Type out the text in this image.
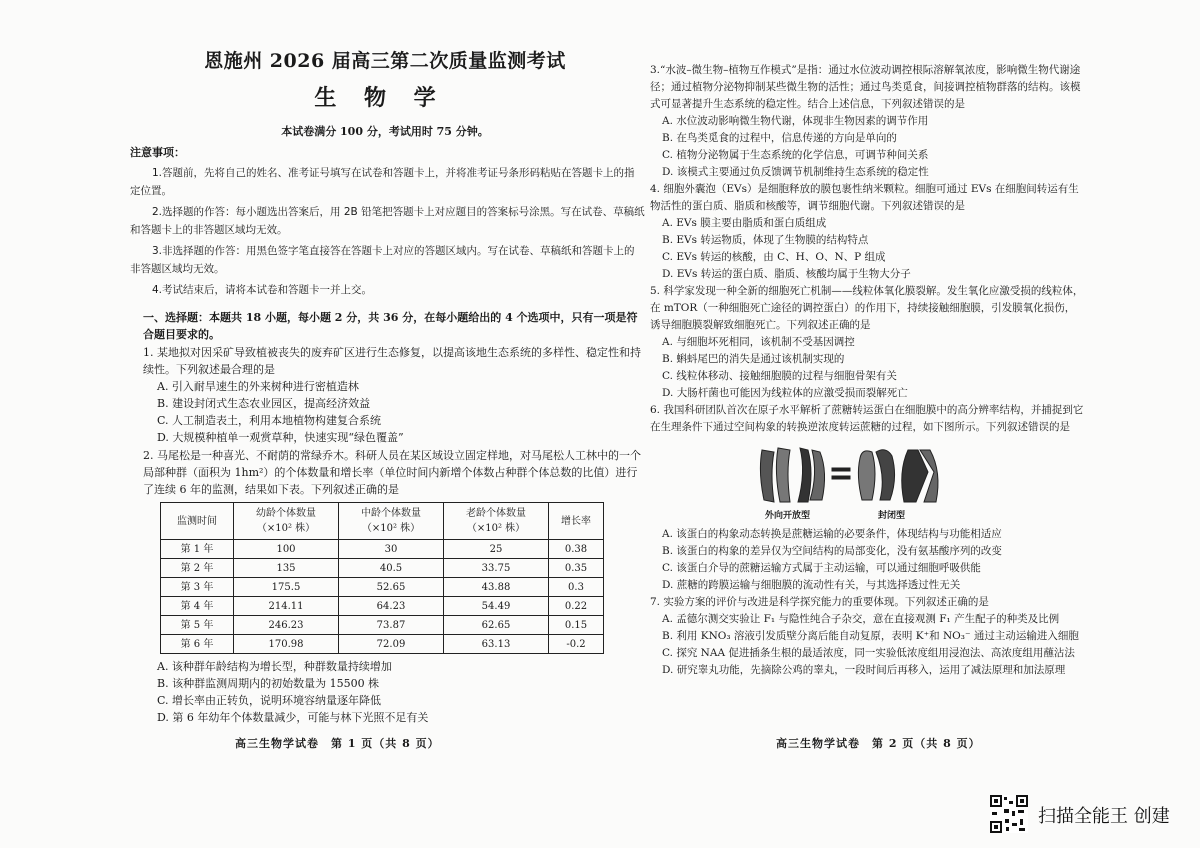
恩施州 2026 届高三第二次质量监测考试
生 物 学
本试卷满分 100 分，考试用时 75 分钟。
注意事项：

1.答题前，先将自己的姓名、准考证号填写在试卷和答题卡上，并将准考证号条形码粘贴在答题卡上的指定位置。

2.选择题的作答：每小题选出答案后，用 2B 铅笔把答题卡上对应题目的答案标号涂黑。写在试卷、草稿纸和答题卡上的非答题区域均无效。

3.非选择题的作答：用黑色签字笔直接答在答题卡上对应的答题区域内。写在试卷、草稿纸和答题卡上的非答题区域均无效。

4.考试结束后，请将本试卷和答题卡一并上交。

一、选择题：本题共 18 小题，每小题 2 分，共 36 分，在每小题给出的 4 个选项中，只有一项是符合题目要求的。
1. 某地拟对因采矿导致植被丧失的废弃矿区进行生态修复，以提高该地生态系统的多样性、稳定性和持续性。下列叙述最合理的是
A. 引入耐旱速生的外来树种进行密植造林
B. 建设封闭式生态农业园区，提高经济效益
C. 人工制造表土，利用本地植物构建复合系统
D. 大规模种植单一观赏草种，快速实现“绿色覆盖”
2. 马尾松是一种喜光、不耐荫的常绿乔木。科研人员在某区域设立固定样地，对马尾松人工林中的一个局部种群（面积为 1hm²）的个体数量和增长率（单位时间内新增个体数占种群个体总数的比值）进行了连续 6 年的监测，结果如下表。下列叙述正确的是
监测时间	幼龄个体数量（×10² 株）	中龄个体数量（×10² 株）	老龄个体数量（×10² 株）	增长率
第 1 年	100	30	25	0.38
第 2 年	135	40.5	33.75	0.35
第 3 年	175.5	52.65	43.88	0.3
第 4 年	214.11	64.23	54.49	0.22
第 5 年	246.23	73.87	62.65	0.15
第 6 年	170.98	72.09	63.13	-0.2
A. 该种群年龄结构为增长型，种群数量持续增加
B. 该种群监测周期内的初始数量为 15500 株
C. 增长率由正转负，说明环境容纳量逐年降低
D. 第 6 年幼年个体数量减少，可能与林下光照不足有关
高三生物学试卷　第 1 页（共 8 页）
3.“水波–微生物–植物互作模式”是指：通过水位波动调控根际溶解氧浓度，影响微生物代谢途径；通过植物分泌物抑制某些微生物的活性；通过鸟类觅食，间接调控植物群落的结构。该模式可显著提升生态系统的稳定性。结合上述信息，下列叙述错误的是
A. 水位波动影响微生物代谢，体现非生物因素的调节作用
B. 在鸟类觅食的过程中，信息传递的方向是单向的
C. 植物分泌物属于生态系统的化学信息，可调节种间关系
D. 该模式主要通过负反馈调节机制维持生态系统的稳定性
4. 细胞外囊泡（EVs）是细胞释放的膜包裹性纳米颗粒。细胞可通过 EVs 在细胞间转运有生物活性的蛋白质、脂质和核酸等，调节细胞代谢。下列叙述错误的是
A. EVs 膜主要由脂质和蛋白质组成
B. EVs 转运物质，体现了生物膜的结构特点
C. EVs 转运的核酸，由 C、H、O、N、P 组成
D. EVs 转运的蛋白质、脂质、核酸均属于生物大分子
5. 科学家发现一种全新的细胞死亡机制——线粒体氧化膜裂解。发生氧化应激受损的线粒体，在 mTOR（一种细胞死亡途径的调控蛋白）的作用下，持续接触细胞膜，引发膜氧化损伤，诱导细胞膜裂解致细胞死亡。下列叙述正确的是
A. 与细胞坏死相同，该机制不受基因调控
B. 蝌蚪尾巴的消失是通过该机制实现的
C. 线粒体移动、接触细胞膜的过程与细胞骨架有关
D. 大肠杆菌也可能因为线粒体的应激受损而裂解死亡
6. 我国科研团队首次在原子水平解析了蔗糖转运蛋白在细胞膜中的高分辨率结构，并捕捉到它在生理条件下通过空间构象的转换逆浓度转运蔗糖的过程，如下图所示。下列叙述错误的是
外向开放型	封闭型
A. 该蛋白的构象动态转换是蔗糖运输的必要条件，体现结构与功能相适应
B. 该蛋白的构象的差异仅为空间结构的局部变化，没有氨基酸序列的改变
C. 该蛋白介导的蔗糖运输方式属于主动运输，可以通过细胞呼吸供能
D. 蔗糖的跨膜运输与细胞膜的流动性有关，与其选择透过性无关
7. 实验方案的评价与改进是科学探究能力的重要体现。下列叙述正确的是
A. 孟德尔测交实验让 F₁ 与隐性纯合子杂交，意在直接观测 F₁ 产生配子的种类及比例
B. 利用 KNO₃ 溶液引发质壁分离后能自动复原，表明 K⁺和 NO₃⁻ 通过主动运输进入细胞
C. 探究 NAA 促进插条生根的最适浓度，同一实验低浓度组用浸泡法、高浓度组用蘸沾法
D. 研究睾丸功能，先摘除公鸡的睾丸，一段时间后再移入，运用了减法原理和加法原理
高三生物学试卷　第 2 页（共 8 页）
扫描全能王 创建
